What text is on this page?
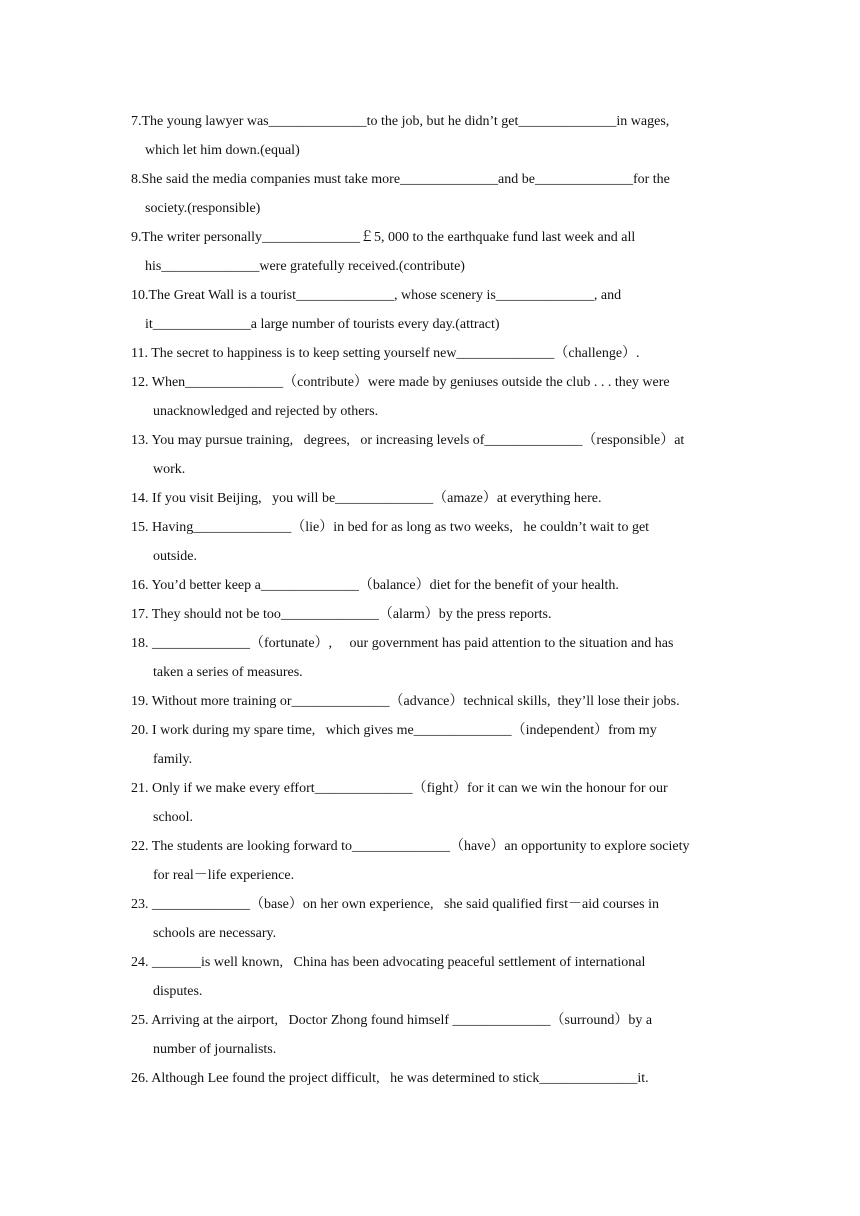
7.The young lawyer was______________to the job, but he didn’t get______________in wages,
which let him down.(equal)
8.She said the media companies must take more______________and be______________for the
society.(responsible)
9.The writer personally______________￡5, 000 to the earthquake fund last week and all
his______________were gratefully received.(contribute)
10.The Great Wall is a tourist______________, whose scenery is______________, and
it______________a large number of tourists every day.(attract)
11. The secret to happiness is to keep setting yourself new______________（challenge）.
12. When______________（contribute）were made by geniuses outside the club . . . they were
unacknowledged and rejected by others.
13. You may pursue training,   degrees,   or increasing levels of______________（responsible）at
work.
14. If you visit Beijing,   you will be______________（amaze）at everything here.
15. Having______________（lie）in bed for as long as two weeks,   he couldn’t wait to get
outside.
16. You’d better keep a______________（balance）diet for the benefit of your health.
17. They should not be too______________（alarm）by the press reports.
18. ______________（fortunate）,     our government has paid attention to the situation and has
taken a series of measures.
19. Without more training or______________（advance）technical skills,  they’ll lose their jobs.
20. I work during my spare time,   which gives me______________（independent）from my
family.
21. Only if we make every effort______________（fight）for it can we win the honour for our
school.
22. The students are looking forward to______________（have）an opportunity to explore society
for real－life experience.
23. ______________（base）on her own experience,   she said qualified first－aid courses in
schools are necessary.
24. _______is well known,   China has been advocating peaceful settlement of international
disputes.
25. Arriving at the airport,   Doctor Zhong found himself ______________（surround）by a
number of journalists.
26. Although Lee found the project difficult,   he was determined to stick______________it.
